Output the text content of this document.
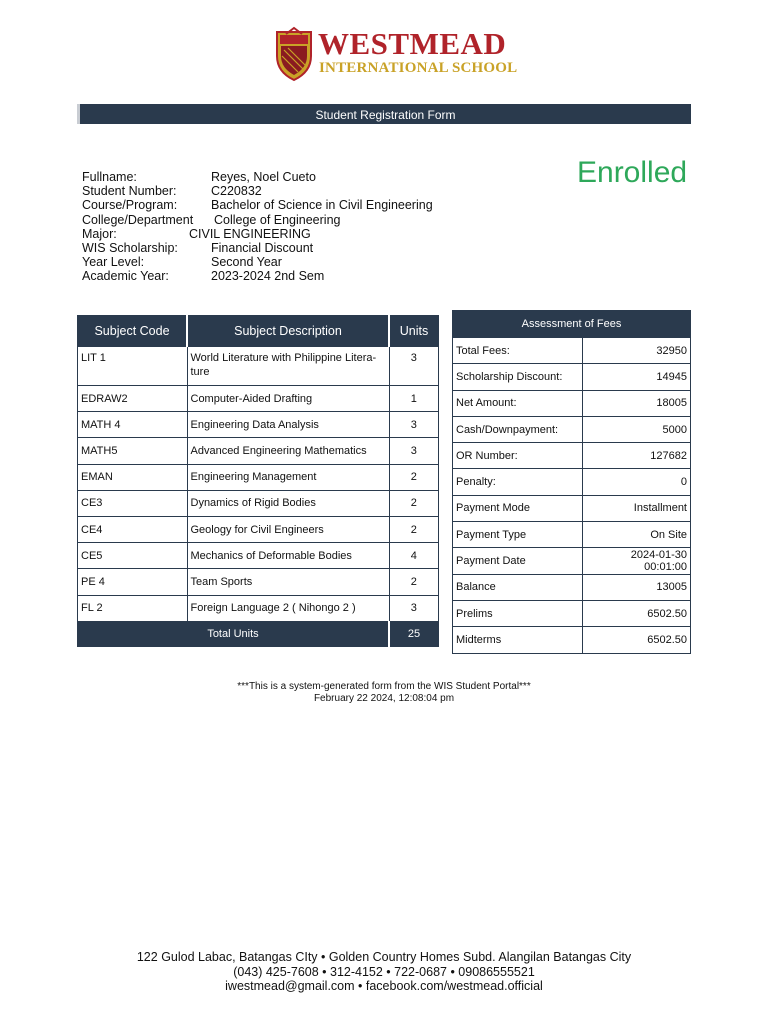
WESTMEAD
INTERNATIONAL SCHOOL
Student Registration Form
Fullname:	Reyes, Noel Cueto
Student Number:	C220832
Course/Program:	Bachelor of Science in Civil Engineering
College/Department College of Engineering
Major:	CIVIL ENGINEERING
WIS Scholarship:	Financial Discount
Year Level:	Second Year
Academic Year:	2023-2024 2nd Sem
Enrolled
Subject Code	Subject Description	Units
LIT 1	World Literature with Philippine Litera- ture	3
EDRAW2	Computer-Aided Drafting	1
MATH 4	Engineering Data Analysis	3
MATH5	Advanced Engineering Mathematics	3
EMAN	Engineering Management	2
CE3	Dynamics of Rigid Bodies	2
CE4	Geology for Civil Engineers	2
CE5	Mechanics of Deformable Bodies	4
PE 4	Team Sports	2
FL 2	Foreign Language 2 ( Nihongo 2 )	3
Total Units		25
Assessment of Fees	
Total Fees:	32950
Scholarship Discount:	14945
Net Amount:	18005
Cash/Downpayment:	5000
OR Number:	127682
Penalty:	0
Payment Mode	Installment
Payment Type	On Site
Payment Date	2024-01-30 00:01:00
Balance	13005
Prelims	6502.50
Midterms	6502.50
***This is a system-generated form from the WIS Student Portal***
February 22 2024, 12:08:04 pm
122 Gulod Labac, Batangas CIty • Golden Country Homes Subd. Alangilan Batangas City
(043) 425-7608 • 312-4152 • 722-0687 • 09086555521
iwestmead@gmail.com • facebook.com/westmead.official
